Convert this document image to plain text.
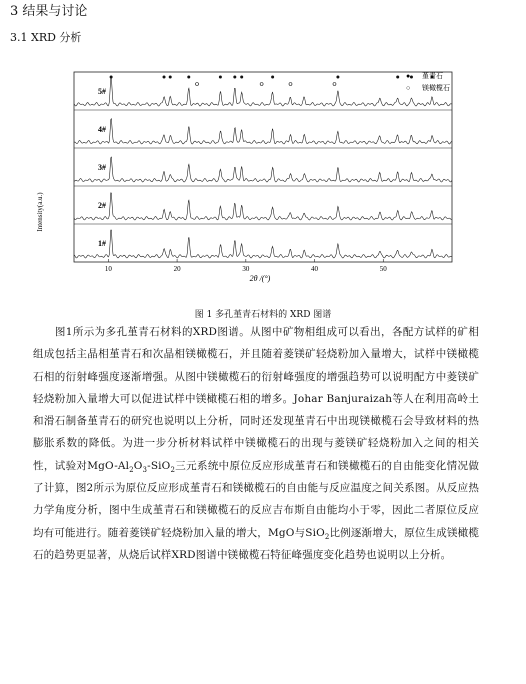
3 结果与讨论
3.1 XRD 分析
1#
2#
3#
4#
5#
10	20	30	40	50
Intensity(a.u.)
2θ /(°)
● 堇青石
○ 镁橄榄石
图 1 多孔堇青石材料的 XRD 图谱
　　图1所示为多孔堇青石材料的XRD图谱。从图中矿物相组成可以看出，各配方试样的矿相组成包括主晶相堇青石和次晶相镁橄榄石，并且随着菱镁矿轻烧粉加入量增大，试样中镁橄榄石相的衍射峰强度逐渐增强。从图中镁橄榄石的衍射峰强度的增强趋势可以说明配方中菱镁矿轻烧粉加入量增大可以促进试样中镁橄榄石相的增多。Johar Banjuraizah等人在利用高岭土和滑石制备堇青石的研究也说明以上分析，同时还发现堇青石中出现镁橄榄石会导致材料的热膨胀系数的降低。为进一步分析材料试样中镁橄榄石的出现与菱镁矿轻烧粉加入之间的相关性，试验对MgO-$Al_2O_3-SiO_2$三元系统中原位反应形成堇青石和镁橄榄石的自由能变化情况做了计算，图2所示为原位反应形成堇青石和镁橄榄石的自由能与反应温度之间关系图。从反应热力学角度分析，图中生成堇青石和镁橄榄石的反应吉布斯自由能均小于零，因此二者原位反应均有可能进行。随着菱镁矿轻烧粉加入量的增大，MgO与SiO$_2$比例逐渐增大，原位生成镁橄榄石的趋势更显著，从烧后试样XRD图谱中镁橄榄石特征峰强度变化趋势也说明以上分析。
